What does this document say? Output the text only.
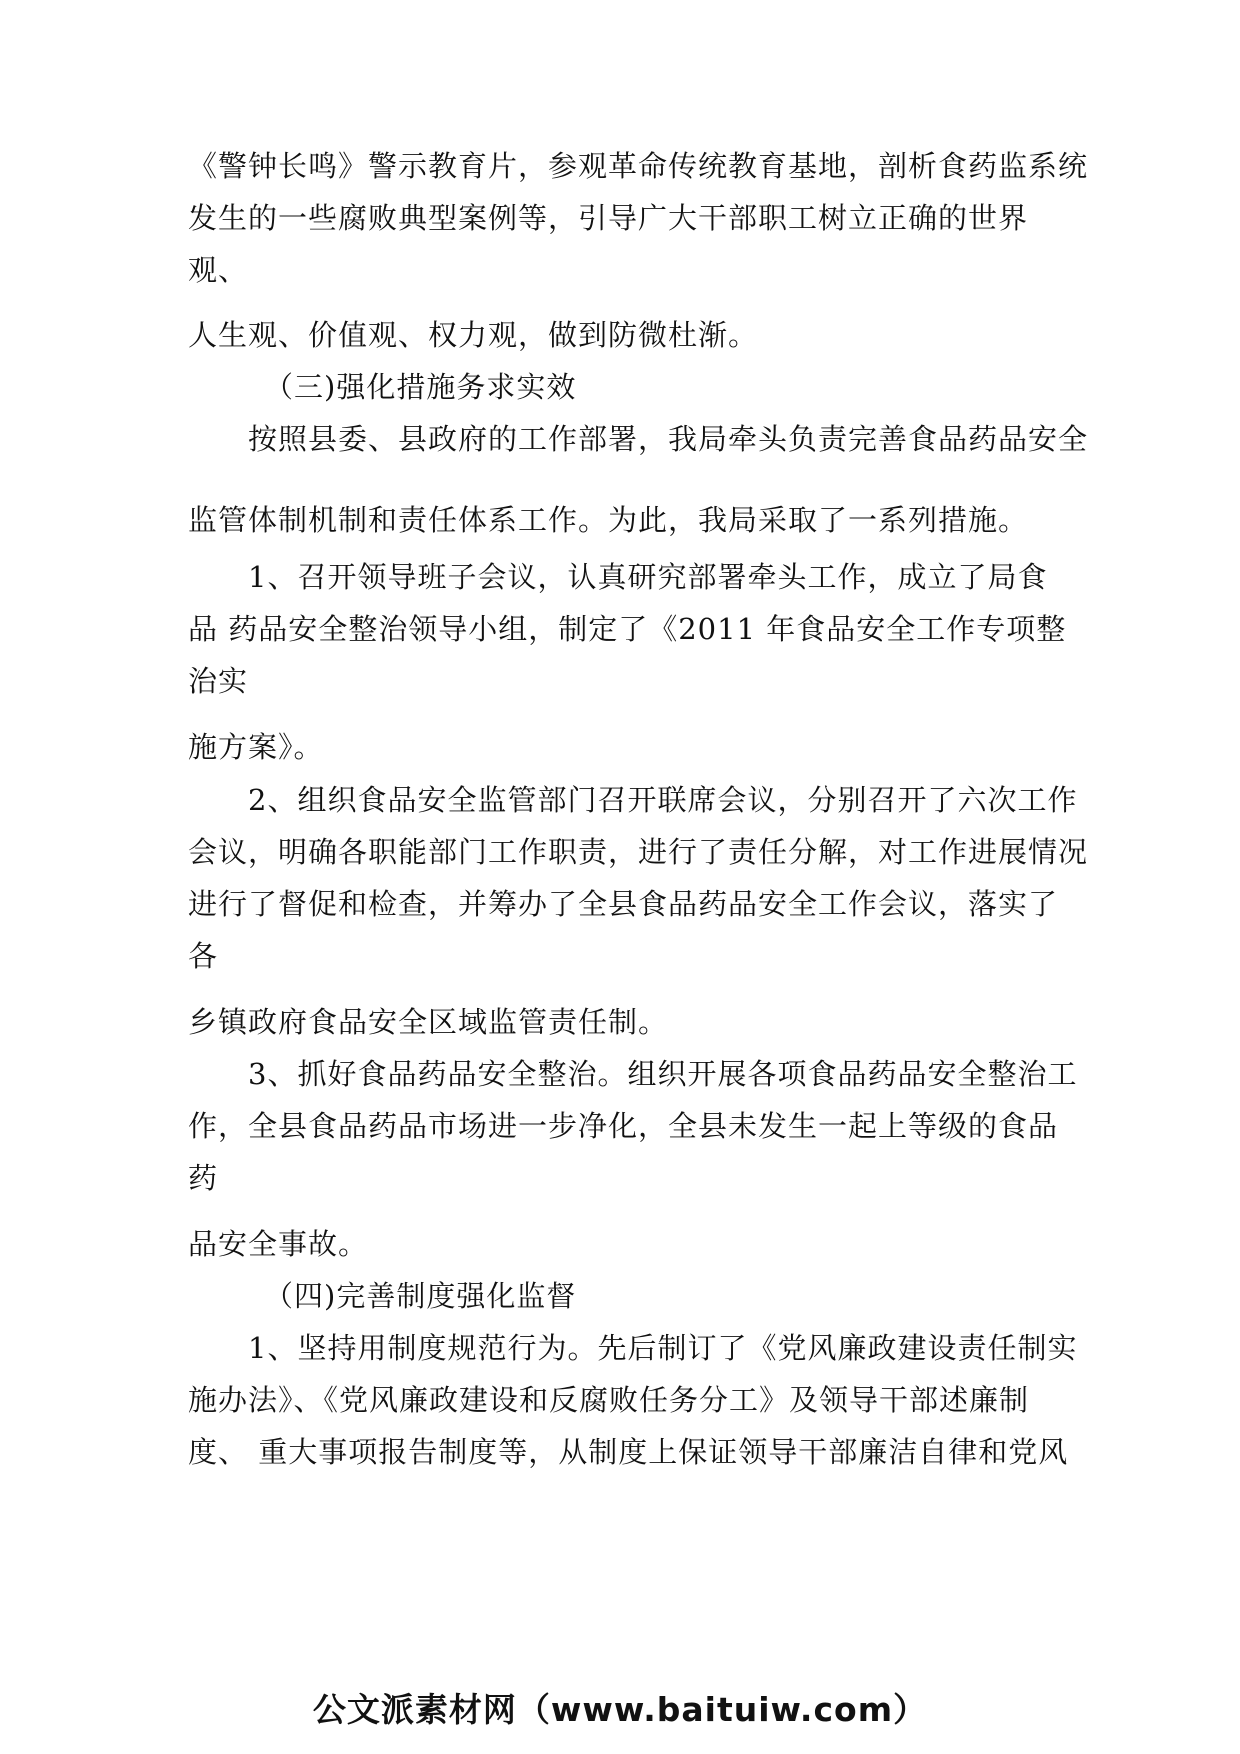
《警钟长鸣》警示教育片，参观革命传统教育基地，剖析食药监系统
发生的一些腐败典型案例等，引导广大干部职工树立正确的世界
观、
人生观、价值观、权力观，做到防微杜渐。
（三)强化措施务求实效
按照县委、县政府的工作部署，我局牵头负责完善食品药品安全
监管体制机制和责任体系工作。为此，我局采取了一系列措施。
1、召开领导班子会议，认真研究部署牵头工作，成立了局食
品 药品安全整治领导小组，制定了《2011 年食品安全工作专项整
治实
施方案》。
2、组织食品安全监管部门召开联席会议，分别召开了六次工作
会议，明确各职能部门工作职责，进行了责任分解，对工作进展情况
进行了督促和检查，并筹办了全县食品药品安全工作会议，落实了
各
乡镇政府食品安全区域监管责任制。
3、抓好食品药品安全整治。组织开展各项食品药品安全整治工
作，全县食品药品市场进一步净化，全县未发生一起上等级的食品
药
品安全事故。
（四)完善制度强化监督
1、坚持用制度规范行为。先后制订了《党风廉政建设责任制实
施办法》、《党风廉政建设和反腐败任务分工》及领导干部述廉制
度、 重大事项报告制度等，从制度上保证领导干部廉洁自律和党风
公文派素材网（www.baituiw.com）
